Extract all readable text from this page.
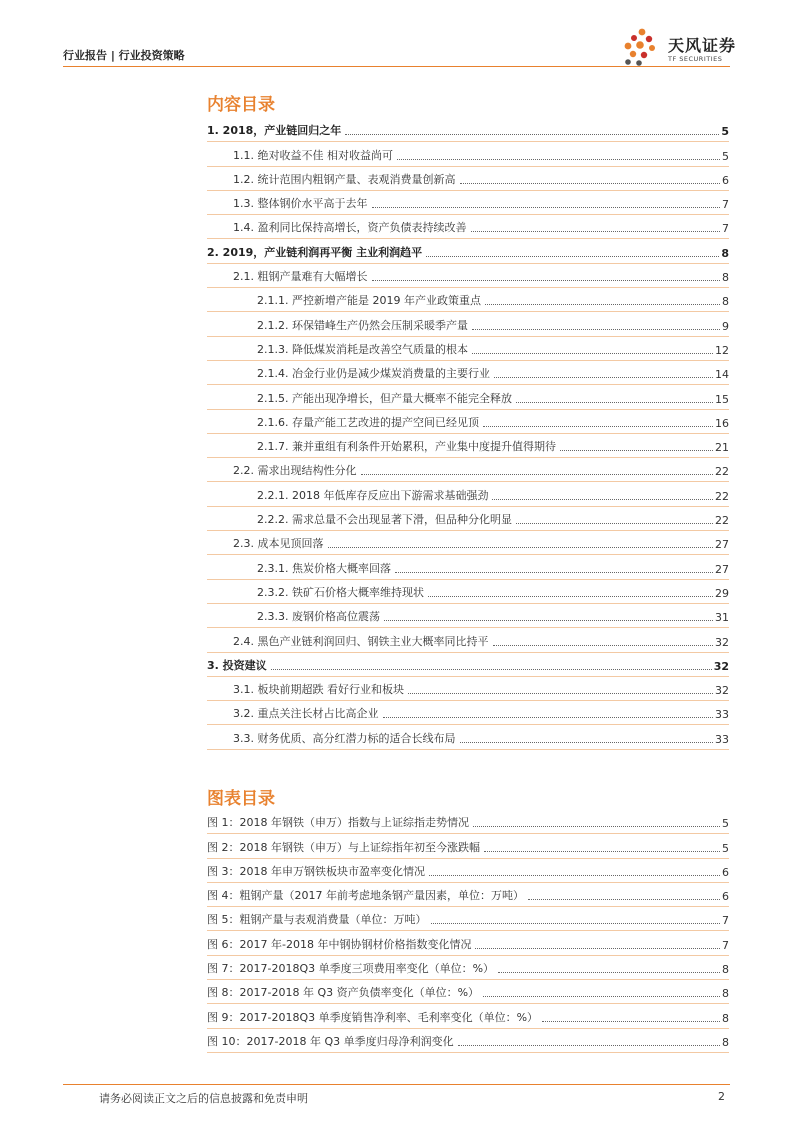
行业报告 | 行业投资策略
天风证券
TF SECURITIES
内容目录
1. 2018，产业链回归之年	5
1.1. 绝对收益不佳 相对收益尚可	5
1.2. 统计范围内粗钢产量、表观消费量创新高	6
1.3. 整体钢价水平高于去年	7
1.4. 盈利同比保持高增长，资产负债表持续改善	7
2. 2019，产业链利润再平衡 主业利润趋平	8
2.1. 粗钢产量难有大幅增长	8
2.1.1. 严控新增产能是 2019 年产业政策重点	8
2.1.2. 环保错峰生产仍然会压制采暖季产量	9
2.1.3. 降低煤炭消耗是改善空气质量的根本	12
2.1.4. 冶金行业仍是减少煤炭消费量的主要行业	14
2.1.5. 产能出现净增长，但产量大概率不能完全释放	15
2.1.6. 存量产能工艺改进的提产空间已经见顶	16
2.1.7. 兼并重组有利条件开始累积，产业集中度提升值得期待	21
2.2. 需求出现结构性分化	22
2.2.1. 2018 年低库存反应出下游需求基础强劲	22
2.2.2. 需求总量不会出现显著下滑，但品种分化明显	22
2.3. 成本见顶回落	27
2.3.1. 焦炭价格大概率回落	27
2.3.2. 铁矿石价格大概率维持现状	29
2.3.3. 废钢价格高位震荡	31
2.4. 黑色产业链利润回归、钢铁主业大概率同比持平	32
3. 投资建议	32
3.1. 板块前期超跌 看好行业和板块	32
3.2. 重点关注长材占比高企业	33
3.3. 财务优质、高分红潜力标的适合长线布局	33
图表目录
图 1：2018 年钢铁（申万）指数与上证综指走势情况	5
图 2：2018 年钢铁（申万）与上证综指年初至今涨跌幅	5
图 3：2018 年申万钢铁板块市盈率变化情况	6
图 4：粗钢产量（2017 年前考虑地条钢产量因素，单位：万吨）	6
图 5：粗钢产量与表观消费量（单位：万吨）	7
图 6：2017 年-2018 年中钢协钢材价格指数变化情况	7
图 7：2017-2018Q3 单季度三项费用率变化（单位：%）	8
图 8：2017-2018 年 Q3 资产负债率变化（单位：%）	8
图 9：2017-2018Q3 单季度销售净利率、毛利率变化（单位：%）	8
图 10：2017-2018 年 Q3 单季度归母净利润变化	8
请务必阅读正文之后的信息披露和免责申明	2
